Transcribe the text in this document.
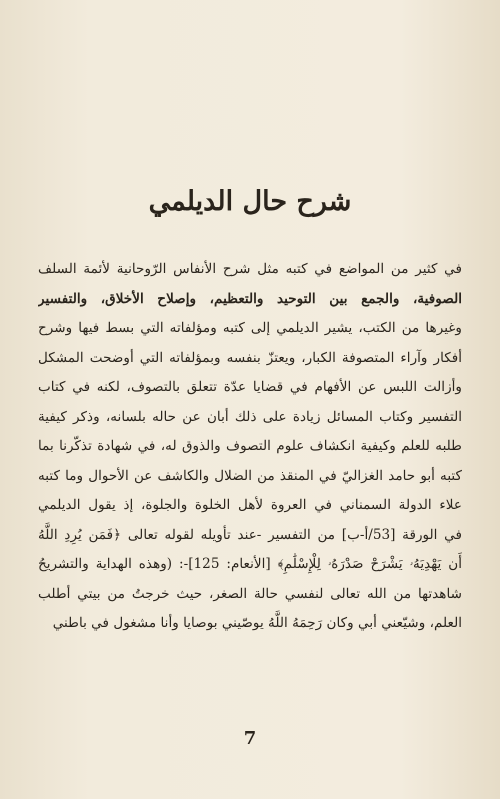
شرح حال الديلمي
في كثير من المواضع في كتبه مثل شرح الأنفاس الرّوحانية لأئمة السلف
الصوفية، والجمع بين التوحيد والتعظيم، وإصلاح الأخلاق، والتفسير
وغيرها من الكتب، يشير الديلمي إلى كتبه ومؤلفاته التي بسط فيها وشرح
أفكار وآراء المتصوفة الكبار، ويعتزّ بنفسه وبمؤلفاته التي أوضحت المشكل
وأزالت اللبس عن الأفهام في قضايا عدّة تتعلق بالتصوف، لكنه في كتاب
التفسير وكتاب المسائل زيادة على ذلك أبان عن حاله بلسانه، وذكر كيفية
طلبه للعلم وكيفية انكشاف علوم التصوف والذوق له، في شهادة تذكّرنا بما
كتبه أبو حامد الغزاليّ في المنقذ من الضلال والكاشف عن الأحوال وما كتبه
علاء الدولة السمناني في العروة لأهل الخلوة والجلوة، إذ يقول الديلمي
في الورقة [53/أ-ب] من التفسير -عند تأويله لقوله تعالى ﴿فَمَن يُرِدِ اللَّهُ
أَن يَهْدِيَهُۥ يَشْرَحْ صَدْرَهُۥ لِلْإِسْلَٰمِ﴾ [الأنعام: 125]-: (وهذه الهداية والتشريحُ
شاهدتها من الله تعالى لنفسي حالة الصغر، حيث خرجتُ من بيتي أطلب
العلم، وشيّعني أبي وكان رَحِمَهُ اللَّهُ يوصّيني بوصايا وأنا مشغول في باطني
7
